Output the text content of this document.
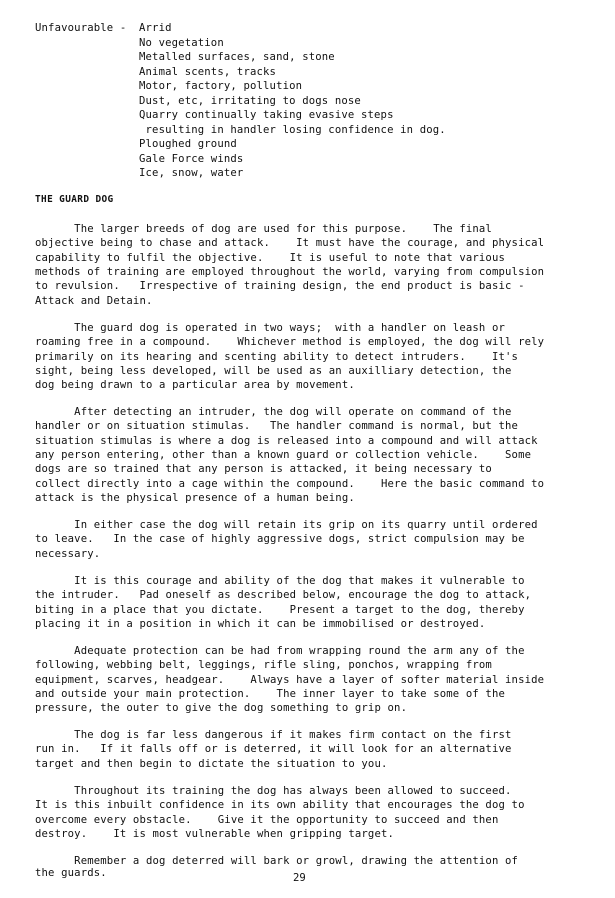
Unfavourable - Arrid
No vegetation
Metalled surfaces, sand, stone
Animal scents, tracks
Motor, factory, pollution
Dust, etc, irritating to dogs nose
Quarry continually taking evasive steps
resulting in handler losing confidence in dog.
Ploughed ground
Gale Force winds
Ice, snow, water
THE GUARD DOG
The larger breeds of dog are used for this purpose.    The final
objective being to chase and attack.    It must have the courage, and physical
capability to fulfil the objective.    It is useful to note that various
methods of training are employed throughout the world, varying from compulsion
to revulsion.   Irrespective of training design, the end product is basic -
Attack and Detain.
The guard dog is operated in two ways;  with a handler on leash or
roaming free in a compound.    Whichever method is employed, the dog will rely
primarily on its hearing and scenting ability to detect intruders.    It's
sight, being less developed, will be used as an auxilliary detection, the
dog being drawn to a particular area by movement.
After detecting an intruder, the dog will operate on command of the
handler or on situation stimulas.   The handler command is normal, but the
situation stimulas is where a dog is released into a compound and will attack
any person entering, other than a known guard or collection vehicle.    Some
dogs are so trained that any person is attacked, it being necessary to
collect directly into a cage within the compound.    Here the basic command to
attack is the physical presence of a human being.
In either case the dog will retain its grip on its quarry until ordered
to leave.   In the case of highly aggressive dogs, strict compulsion may be
necessary.
It is this courage and ability of the dog that makes it vulnerable to
the intruder.   Pad oneself as described below, encourage the dog to attack,
biting in a place that you dictate.    Present a target to the dog, thereby
placing it in a position in which it can be immobilised or destroyed.
Adequate protection can be had from wrapping round the arm any of the
following, webbing belt, leggings, rifle sling, ponchos, wrapping from
equipment, scarves, headgear.    Always have a layer of softer material inside
and outside your main protection.    The inner layer to take some of the
pressure, the outer to give the dog something to grip on.
The dog is far less dangerous if it makes firm contact on the first
run in.   If it falls off or is deterred, it will look for an alternative
target and then begin to dictate the situation to you.
Throughout its training the dog has always been allowed to succeed.
It is this inbuilt confidence in its own ability that encourages the dog to
overcome every obstacle.    Give it the opportunity to succeed and then
destroy.    It is most vulnerable when gripping target.
Remember a dog deterred will bark or growl, drawing the attention of
the guards.	29
